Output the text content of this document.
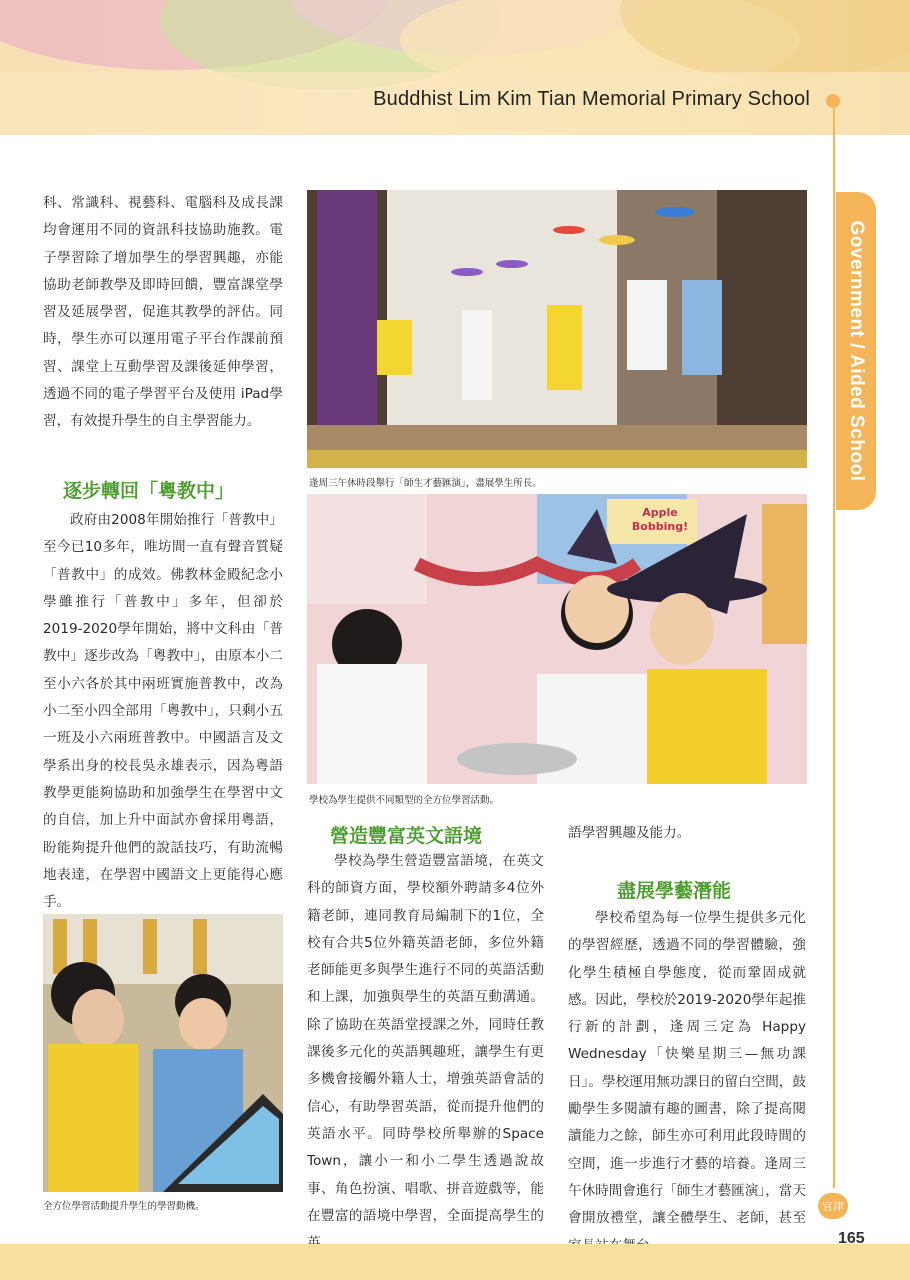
Buddhist Lim Kim Tian Memorial Primary School
Government / Aided School

科、常識科、視藝科、電腦科及成長課均會運用不同的資訊科技協助施教。電子學習除了增加學生的學習興趣，亦能協助老師教學及即時回饋，豐富課堂學習及延展學習，促進其教學的評估。同時，學生亦可以運用電子平台作課前預習、課堂上互動學習及課後延伸學習，透過不同的電子學習平台及使用 iPad學習，有效提升學生的自主學習能力。

逐步轉回「粵教中」

政府由2008年開始推行「普教中」至今已10多年，唯坊間一直有聲音質疑「普教中」的成效。佛教林金殿紀念小學雖推行「普教中」多年，但卻於2019-2020學年開始，將中文科由「普教中」逐步改為「粵教中」，由原本小二至小六各於其中兩班實施普教中，改為小二至小四全部用「粵教中」，只剩小五一班及小六兩班普教中。中國語言及文學系出身的校長吳永雄表示，因為粵語教學更能夠協助和加強學生在學習中文的自信，加上升中面試亦會採用粵語，盼能夠提升他們的說話技巧，有助流暢地表達，在學習中國語文上更能得心應手。

全方位學習活動提升學生的學習動機。
逢周三午休時段舉行「師生才藝匯演」，盡展學生所長。
Apple Bobbing!
學校為學生提供不同類型的全方位學習活動。
營造豐富英文語境

學校為學生營造豐富語境，在英文科的師資方面，學校額外聘請多4位外籍老師，連同教育局編制下的1位，全校有合共5位外籍英語老師，多位外籍老師能更多與學生進行不同的英語活動和上課，加強與學生的英語互動溝通。除了協助在英語堂授課之外，同時任教課後多元化的英語興趣班，讓學生有更多機會接觸外籍人士，增強英語會話的信心，有助學習英語，從而提升他們的英語水平。同時學校所舉辦的Space Town，讓小一和小二學生透過說故事、角色扮演、唱歌、拼音遊戲等，能在豐富的語境中學習，全面提高學生的

語學習興趣及能力。

盡展學藝潛能

學校希望為每一位學生提供多元化的學習經歷，透過不同的學習體驗，強化學生積極自學態度，從而鞏固成就感。因此，學校於2019-2020學年起推行新的計劃，逢周三定為 Happy Wednesday「快樂星期三—無功課日」。學校運用無功課日的留白空間，鼓勵學生多閱讀有趣的圖書，除了提高閱讀能力之餘，師生亦可利用此段時間的空間，進一步進行才藝的培養。逢周三午休時間會進行「師生才藝匯演」，當天會開放禮堂，讓全體學生、老師，甚至

官津
165
